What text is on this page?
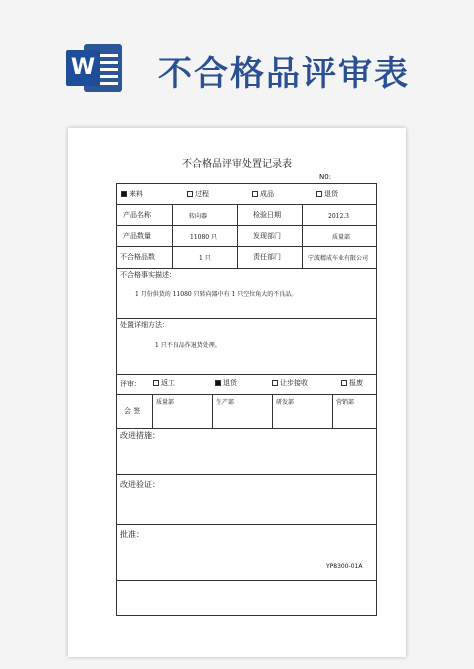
W 不合格品评审表
不合格品评审处置记录表
N0:
来料	过程	成品	退货
产品名称	转向器	检验日期	2012.3
产品数量	11080 只	发现部门	质量部
不合格品数	1 只	责任部门	宁波精成车业有限公司
不合格事实描述：
1 月份供货的 11080 只转向器中有 1 只空位角大的不良品。
处置详细方法：
1 只不良品作退货处理。
评审：	返工	退货	让步接收	报废
会 签
质量部	生产部	研发部	营销部
改进措施：
改进验证：
批准：
YP8300-01A
